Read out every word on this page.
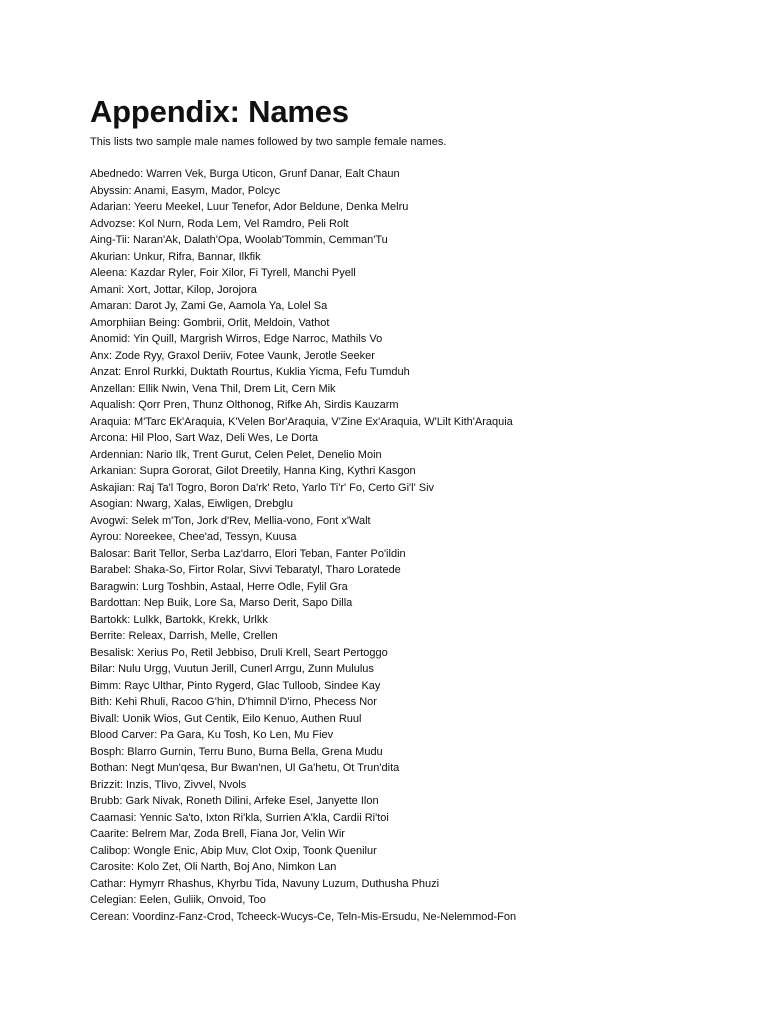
Appendix: Names

This lists two sample male names followed by two sample female names.

Abednedo: Warren Vek, Burga Uticon, Grunf Danar, Ealt Chaun
Abyssin: Anami, Easym, Mador, Polcyc
Adarian: Yeeru Meekel, Luur Tenefor, Ador Beldune, Denka Melru
Advozse: Kol Nurn, Roda Lem, Vel Ramdro, Peli Rolt
Aing-Tii: Naran'Ak, Dalath'Opa, Woolab'Tommin, Cemman'Tu
Akurian: Unkur, Rifra, Bannar, Ilkfik
Aleena: Kazdar Ryler, Foir Xilor, Fi Tyrell, Manchi Pyell
Amani: Xort, Jottar, Kilop, Jorojora
Amaran: Darot Jy, Zami Ge, Aamola Ya, Lolel Sa
Amorphiian Being: Gombrii, Orlit, Meldoin, Vathot
Anomid: Yin Quill, Margrish Wirros, Edge Narroc, Mathils Vo
Anx: Zode Ryy, Graxol Deriiv, Fotee Vaunk, Jerotle Seeker
Anzat: Enrol Rurkki, Duktath Rourtus, Kuklia Yicma, Fefu Tumduh
Anzellan: Ellik Nwin, Vena Thil, Drem Lit, Cern Mik
Aqualish: Qorr Pren, Thunz Olthonog, Rifke Ah, Sirdis Kauzarm
Araquia: M'Tarc Ek'Araquia, K'Velen Bor'Araquia, V'Zine Ex'Araquia, W'Lilt Kith'Araquia
Arcona: Hil Ploo, Sart Waz, Deli Wes, Le Dorta
Ardennian: Nario Ilk, Trent Gurut, Celen Pelet, Denelio Moin
Arkanian: Supra Gororat, Gilot Dreetily, Hanna King, Kythri Kasgon
Askajian: Raj Ta'l Togro, Boron Da'rk' Reto, Yarlo Ti'r' Fo, Certo Gi'l' Siv
Asogian: Nwarg, Xalas, Eiwligen, Drebglu
Avogwi: Selek m'Ton, Jork d'Rev, Mellia-vono, Font x'Walt
Ayrou: Noreekee, Chee'ad, Tessyn, Kuusa
Balosar: Barit Tellor, Serba Laz'darro, Elori Teban, Fanter Po'ildin
Barabel: Shaka-So, Firtor Rolar, Sivvi Tebaratyl, Tharo Loratede
Baragwin: Lurg Toshbin, Astaal, Herre Odle, Fylil Gra
Bardottan: Nep Buik, Lore Sa, Marso Derit, Sapo Dilla
Bartokk: Lulkk, Bartokk, Krekk, Urlkk
Berrite: Releax, Darrish, Melle, Crellen
Besalisk: Xerius Po, Retil Jebbiso, Druli Krell, Seart Pertoggo
Bilar: Nulu Urgg, Vuutun Jerill, Cunerl Arrgu, Zunn Mululus
Bimm: Rayc Ulthar, Pinto Rygerd, Glac Tulloob, Sindee Kay
Bith: Kehi Rhuli, Racoo G'hin, D'himnil D'irno, Phecess Nor
Bivall: Uonik Wios, Gut Centik, Eilo Kenuo, Authen Ruul
Blood Carver: Pa Gara, Ku Tosh, Ko Len, Mu Fiev
Bosph: Blarro Gurnin, Terru Buno, Burna Bella, Grena Mudu
Bothan: Negt Mun'qesa, Bur Bwan'nen, Ul Ga'hetu, Ot Trun'dita
Brizzit: Inzis, Tlivo, Zivvel, Nvols
Brubb: Gark Nivak, Roneth Dilini, Arfeke Esel, Janyette Ilon
Caamasi: Yennic Sa'to, Ixton Ri'kla, Surrien A'kla, Cardii Ri'toi
Caarite: Belrem Mar, Zoda Brell, Fiana Jor, Velin Wir
Calibop: Wongle Enic, Abip Muv, Clot Oxip, Toonk Quenilur
Carosite: Kolo Zet, Oli Narth, Boj Ano, Nimkon Lan
Cathar: Hymyrr Rhashus, Khyrbu Tida, Navuny Luzum, Duthusha Phuzi
Celegian: Eelen, Guliik, Onvoid, Too
Cerean: Voordinz-Fanz-Crod, Tcheeck-Wucys-Ce, Teln-Mis-Ersudu, Ne-Nelemmod-Fon
